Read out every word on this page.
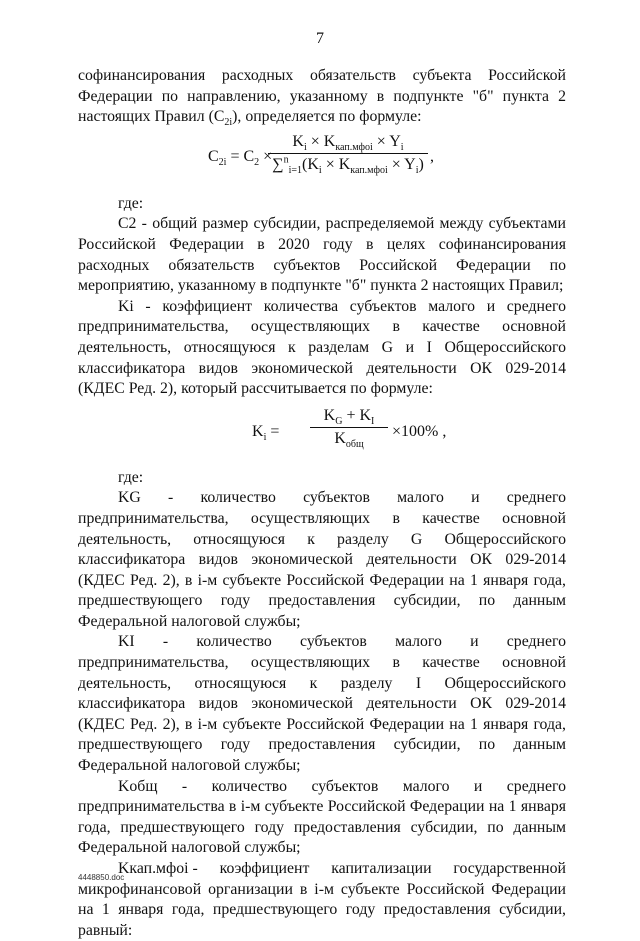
7

софинансирования расходных обязательств субъекта Российской Федерации по направлению, указанному в подпункте "б" пункта 2 настоящих Правил $(С_{2i})$, определяется по формуле:

$С_{2i} = С_2$ ×
$K_i \times K_{кап.мфоi} \times Y_i$
$\sum^n_{i=1}(K_i \times K_{кап.мфоi} \times Y_i)$
,

где:

С2 - общий размер субсидии, распределяемой между субъектами Российской Федерации в 2020 году в целях софинансирования расходных обязательств субъектов Российской Федерации по мероприятию, указанному в подпункте "б" пункта 2 настоящих Правил;

Ki - коэффициент количества субъектов малого и среднего предпринимательства, осуществляющих в качестве основной деятельность, относящуюся к разделам G и I Общероссийского классификатора видов экономической деятельности ОК 029-2014 (КДЕС Ред. 2), который рассчитывается по формуле:

$K_i$ =
$K_G + K_I$
$K_{общ}$
×100% ,

где:

KG - количество субъектов малого и среднего предпринимательства, осуществляющих в качестве основной деятельность, относящуюся к разделу G Общероссийского классификатора видов экономической деятельности ОК 029-2014 (КДЕС Ред. 2), в i-м субъекте Российской Федерации на 1 января года, предшествующего году предоставления субсидии, по данным Федеральной налоговой службы;

KI - количество субъектов малого и среднего предпринимательства, осуществляющих в качестве основной деятельность, относящуюся к разделу I Общероссийского классификатора видов экономической деятельности ОК 029-2014 (КДЕС Ред. 2), в i-м субъекте Российской Федерации на 1 января года, предшествующего году предоставления субсидии, по данным Федеральной налоговой службы;

Kобщ - количество субъектов малого и среднего предпринимательства в i-м субъекте Российской Федерации на 1 января года, предшествующего году предоставления субсидии, по данным Федеральной налоговой службы;

Kкап.мфоi - коэффициент капитализации государственной

микрофинансовой организации в i-м субъекте Российской Федерации на 1 января года, предшествующего году предоставления субсидии, равный:

4448850.doc
